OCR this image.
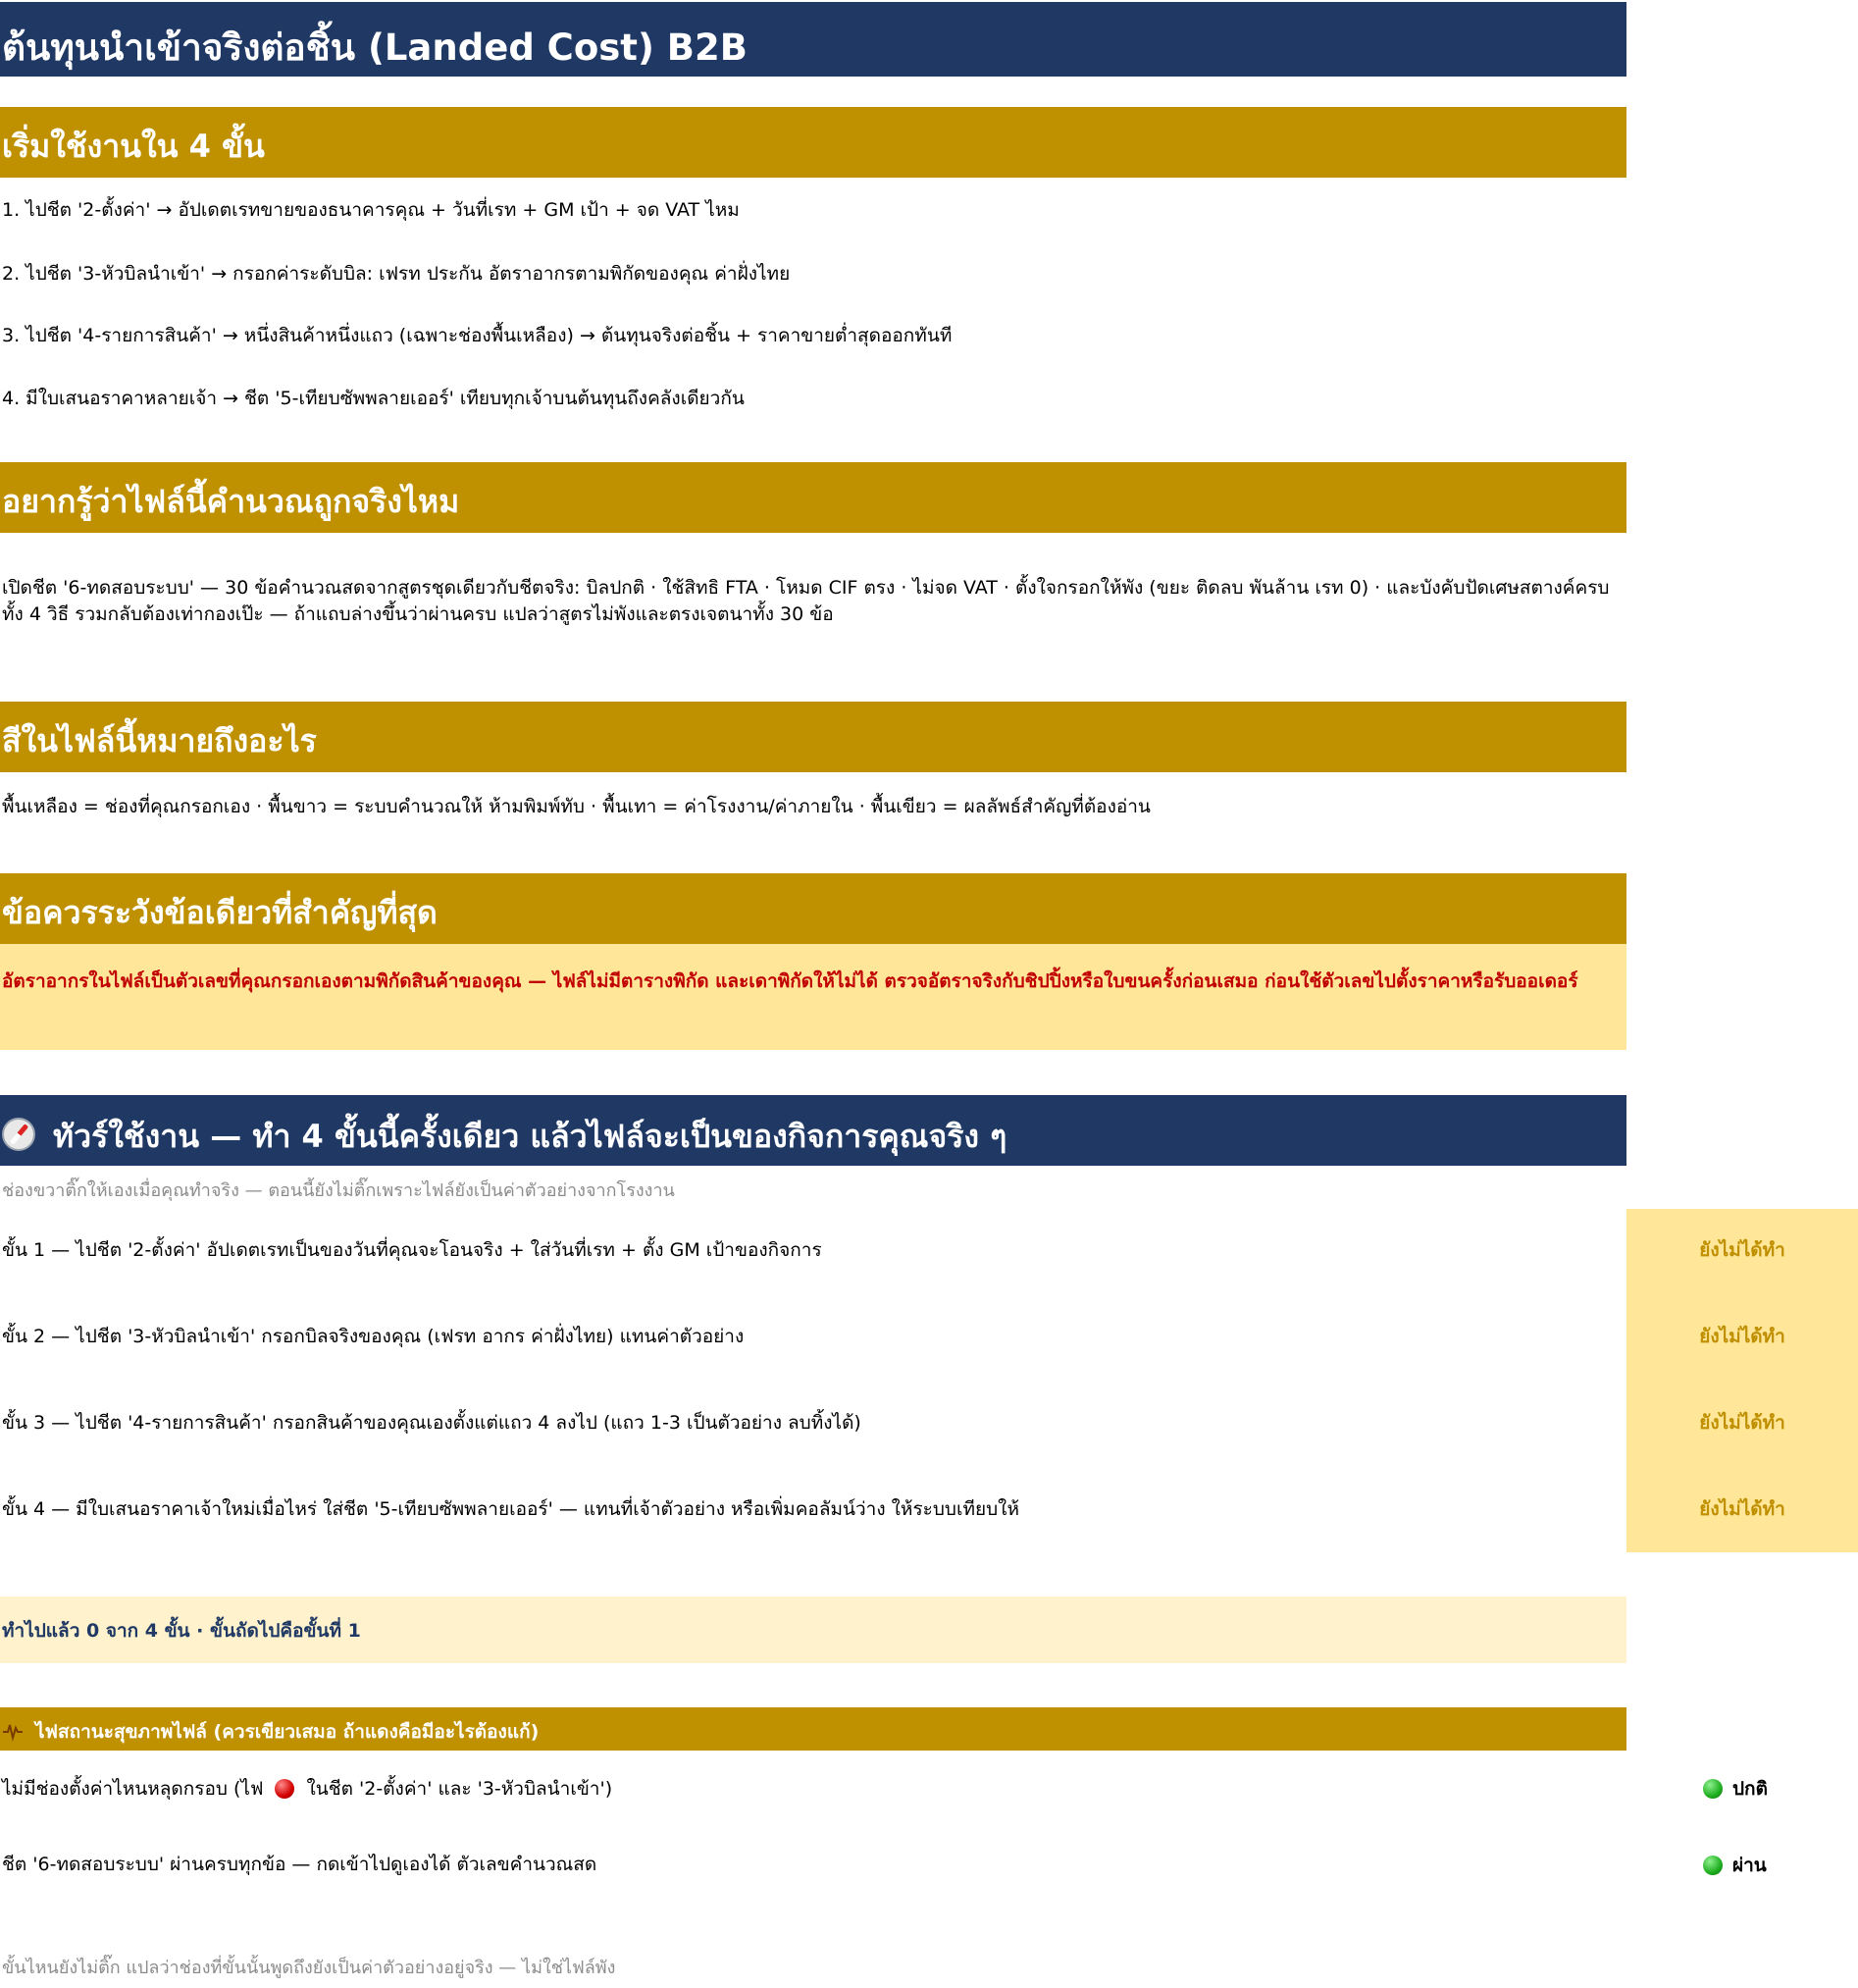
ต้นทุนนำเข้าจริงต่อชิ้น (Landed Cost) B2B
เริ่มใช้งานใน 4 ขั้น
1. ไปชีต '2-ตั้งค่า' → อัปเดตเรทขายของธนาคารคุณ + วันที่เรท + GM เป้า + จด VAT ไหม
2. ไปชีต '3-หัวบิลนำเข้า' → กรอกค่าระดับบิล: เฟรท ประกัน อัตราอากรตามพิกัดของคุณ ค่าฝั่งไทย
3. ไปชีต '4-รายการสินค้า' → หนึ่งสินค้าหนึ่งแถว (เฉพาะช่องพื้นเหลือง) → ต้นทุนจริงต่อชิ้น + ราคาขายต่ำสุดออกทันที
4. มีใบเสนอราคาหลายเจ้า → ชีต '5-เทียบซัพพลายเออร์' เทียบทุกเจ้าบนต้นทุนถึงคลังเดียวกัน
อยากรู้ว่าไฟล์นี้คำนวณถูกจริงไหม
เปิดชีต '6-ทดสอบระบบ' — 30 ข้อคำนวณสดจากสูตรชุดเดียวกับชีตจริง: บิลปกติ · ใช้สิทธิ FTA · โหมด CIF ตรง · ไม่จด VAT · ตั้งใจกรอกให้พัง (ขยะ ติดลบ พันล้าน เรท 0) · และบังคับปัดเศษสตางค์ครบทั้ง 4 วิธี รวมกลับต้องเท่ากองเป๊ะ — ถ้าแถบล่างขึ้นว่าผ่านครบ แปลว่าสูตรไม่พังและตรงเจตนาทั้ง 30 ข้อ
สีในไฟล์นี้หมายถึงอะไร
พื้นเหลือง = ช่องที่คุณกรอกเอง · พื้นขาว = ระบบคำนวณให้ ห้ามพิมพ์ทับ · พื้นเทา = ค่าโรงงาน/ค่าภายใน · พื้นเขียว = ผลลัพธ์สำคัญที่ต้องอ่าน
ข้อควรระวังข้อเดียวที่สำคัญที่สุด
อัตราอากรในไฟล์เป็นตัวเลขที่คุณกรอกเองตามพิกัดสินค้าของคุณ — ไฟล์ไม่มีตารางพิกัด และเดาพิกัดให้ไม่ได้ ตรวจอัตราจริงกับชิปปิ้งหรือใบขนครั้งก่อนเสมอ ก่อนใช้ตัวเลขไปตั้งราคาหรือรับออเดอร์
ทัวร์ใช้งาน — ทำ 4 ขั้นนี้ครั้งเดียว แล้วไฟล์จะเป็นของกิจการคุณจริง ๆ
ช่องขวาติ๊กให้เองเมื่อคุณทำจริง — ตอนนี้ยังไม่ติ๊กเพราะไฟล์ยังเป็นค่าตัวอย่างจากโรงงาน
ขั้น 1 — ไปชีต '2-ตั้งค่า' อัปเดตเรทเป็นของวันที่คุณจะโอนจริง + ใส่วันที่เรท + ตั้ง GM เป้าของกิจการ	ยังไม่ได้ทำ
ขั้น 2 — ไปชีต '3-หัวบิลนำเข้า' กรอกบิลจริงของคุณ (เฟรท อากร ค่าฝั่งไทย) แทนค่าตัวอย่าง	ยังไม่ได้ทำ
ขั้น 3 — ไปชีต '4-รายการสินค้า' กรอกสินค้าของคุณเองตั้งแต่แถว 4 ลงไป (แถว 1-3 เป็นตัวอย่าง ลบทิ้งได้)	ยังไม่ได้ทำ
ขั้น 4 — มีใบเสนอราคาเจ้าใหม่เมื่อไหร่ ใส่ชีต '5-เทียบซัพพลายเออร์' — แทนที่เจ้าตัวอย่าง หรือเพิ่มคอลัมน์ว่าง ให้ระบบเทียบให้	ยังไม่ได้ทำ
ทำไปแล้ว 0 จาก 4 ขั้น · ขั้นถัดไปคือขั้นที่ 1
ไฟสถานะสุขภาพไฟล์ (ควรเขียวเสมอ ถ้าแดงคือมีอะไรต้องแก้)
ไม่มีช่องตั้งค่าไหนหลุดกรอบ (ไฟ ในชีต '2-ตั้งค่า' และ '3-หัวบิลนำเข้า')	ปกติ
ชีต '6-ทดสอบระบบ' ผ่านครบทุกข้อ — กดเข้าไปดูเองได้ ตัวเลขคำนวณสด	ผ่าน
ขั้นไหนยังไม่ติ๊ก แปลว่าช่องที่ขั้นนั้นพูดถึงยังเป็นค่าตัวอย่างอยู่จริง — ไม่ใช่ไฟล์พัง
